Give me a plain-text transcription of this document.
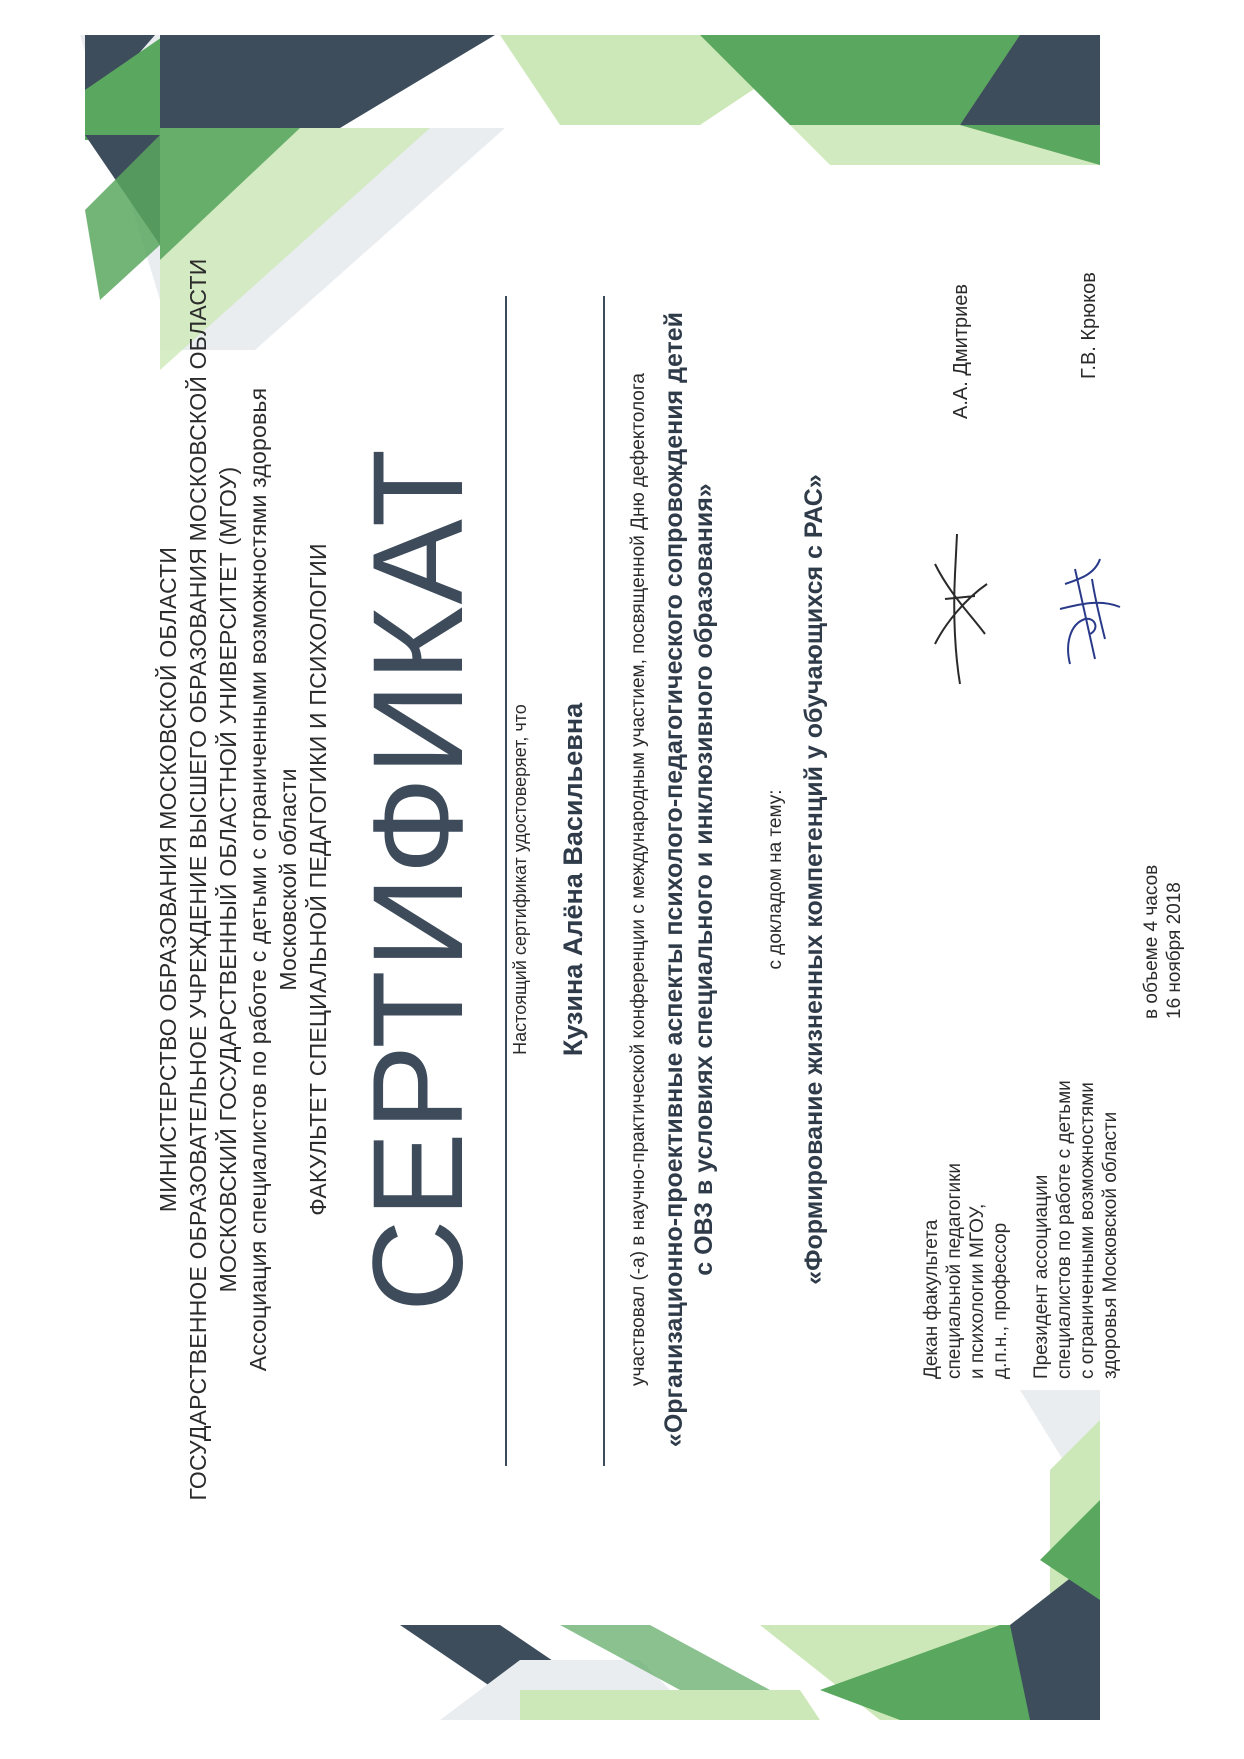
МИНИСТЕРСТВО ОБРАЗОВАНИЯ МОСКОВСКОЙ ОБЛАСТИ ГОСУДАРСТВЕННОЕ ОБРАЗОВАТЕЛЬНОЕ УЧРЕЖДЕНИЕ ВЫСШЕГО ОБРАЗОВАНИЯ МОСКОВСКОЙ ОБЛАСТИ МОСКОВСКИЙ ГОСУДАРСТВЕННЫЙ ОБЛАСТНОЙ УНИВЕРСИТЕТ (МГОУ) Ассоциация специалистов по работе с детьми с ограниченными возможностями здоровья Московской области ФАКУЛЬТЕТ СПЕЦИАЛЬНОЙ ПЕДАГОГИКИ И ПСИХОЛОГИИ СЕРТИФИКАТ Настоящий сертификат удостоверяет, что Кузина Алёна Васильевна участвовал (-а) в научно-практической конференции с международным участием, посвященной Дню дефектолога «Организационно-проективные аспекты психолого-педагогического сопровождения детей с ОВЗ в условиях специального и инклюзивного образования» с докладом на тему: «Формирование жизненных компетенций у обучающихся с РАС»
Декан факультета специальной педагогики и психологии МГОУ, д.п.н., профессор
А.А. Дмитриев
Президент ассоциации специалистов по работе с детьми с ограниченными возможностями здоровья Московской области
Г.В. Крюков
в объеме 4 часов 16 ноября 2018
